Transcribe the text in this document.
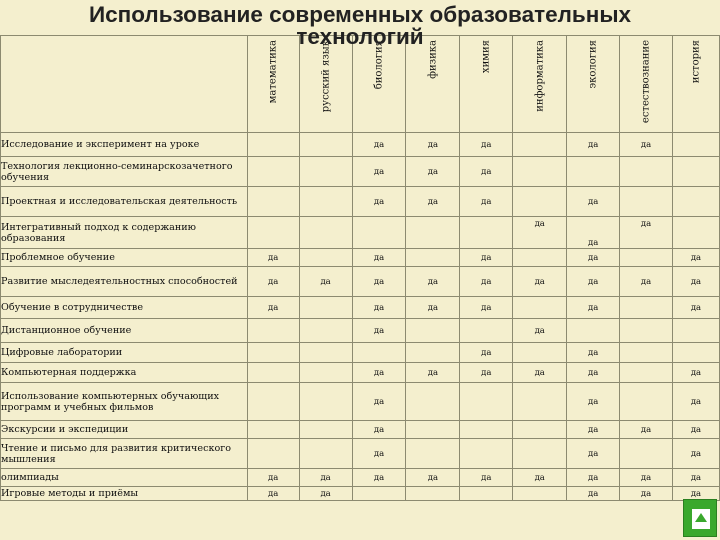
Использование современных образовательных
технологий

	математика	русский язык	биология	физика	химия	информатика	экология	естествознание	история

Исследование и эксперимент на уроке			да	да	да		да	да	
Технология лекционно-семинарскозачетного обучения			да	да	да				
Проектная и исследовательская деятельность			да	да	да		да		
Интегративный подход к содержанию образования						да	да	да	
Проблемное обучение	да		да		да		да		да
Развитие мыследеятельностных способностей	да	да	да	да	да	да	да	да	да
Обучение в сотрудничестве	да		да	да	да		да		да
Дистанционное обучение			да			да			
Цифровые лаборатории					да		да		
Компьютерная поддержка			да	да	да	да	да		да
Использование компьютерных обучающих программ и учебных фильмов			да				да		да
Экскурсии и экспедиции			да				да	да	да
Чтение и письмо для развития критического мышления			да				да		да
олимпиады	да	да	да	да	да	да	да	да	да
Игровые методы и приёмы	да	да					да	да	да
